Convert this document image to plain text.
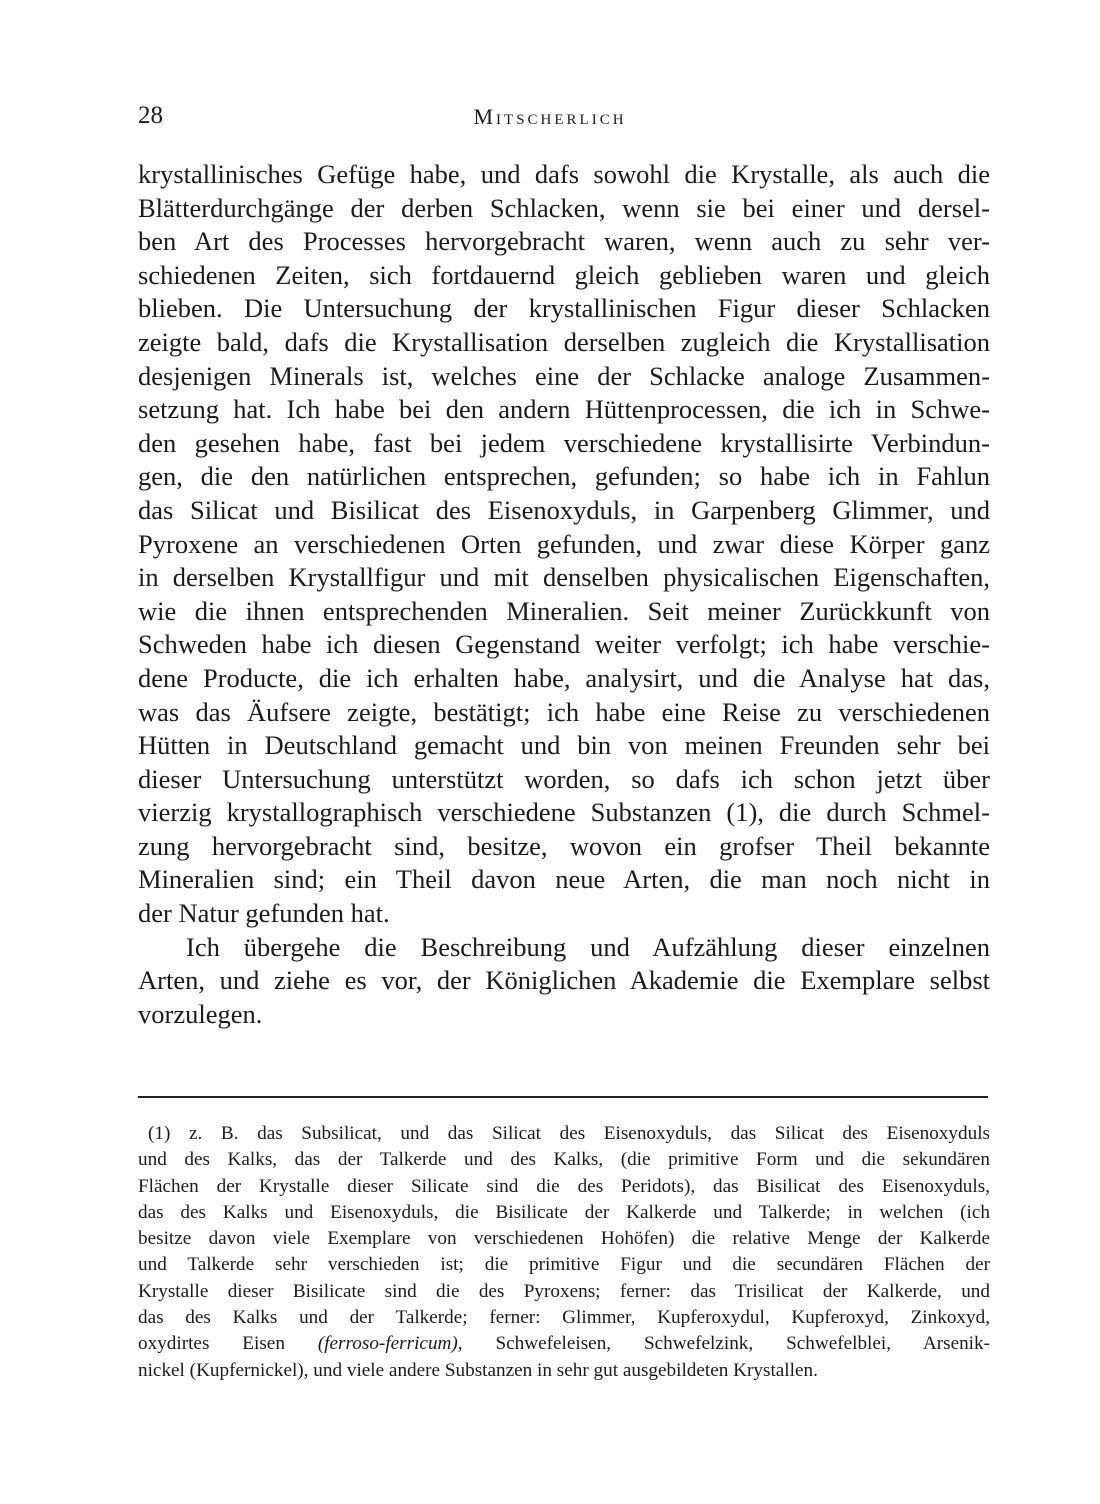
28	Mitscherlich
krystallinisches Gefüge habe, und dafs sowohl die Krystalle, als auch die
Blätterdurchgänge der derben Schlacken, wenn sie bei einer und dersel-
ben Art des Processes hervorgebracht waren, wenn auch zu sehr ver-
schiedenen Zeiten, sich fortdauernd gleich geblieben waren und gleich
blieben. Die Untersuchung der krystallinischen Figur dieser Schlacken
zeigte bald, dafs die Krystallisation derselben zugleich die Krystallisation
desjenigen Minerals ist, welches eine der Schlacke analoge Zusammen-
setzung hat. Ich habe bei den andern Hüttenprocessen, die ich in Schwe-
den gesehen habe, fast bei jedem verschiedene krystallisirte Verbindun-
gen, die den natürlichen entsprechen, gefunden; so habe ich in Fahlun
das Silicat und Bisilicat des Eisenoxyduls, in Garpenberg Glimmer, und
Pyroxene an verschiedenen Orten gefunden, und zwar diese Körper ganz
in derselben Krystallfigur und mit denselben physicalischen Eigenschaften,
wie die ihnen entsprechenden Mineralien. Seit meiner Zurückkunft von
Schweden habe ich diesen Gegenstand weiter verfolgt; ich habe verschie-
dene Producte, die ich erhalten habe, analysirt, und die Analyse hat das,
was das Äufsere zeigte, bestätigt; ich habe eine Reise zu verschiedenen
Hütten in Deutschland gemacht und bin von meinen Freunden sehr bei
dieser Untersuchung unterstützt worden, so dafs ich schon jetzt über
vierzig krystallographisch verschiedene Substanzen (1), die durch Schmel-
zung hervorgebracht sind, besitze, wovon ein grofser Theil bekannte
Mineralien sind; ein Theil davon neue Arten, die man noch nicht in
der Natur gefunden hat.
Ich übergehe die Beschreibung und Aufzählung dieser einzelnen
Arten, und ziehe es vor, der Königlichen Akademie die Exemplare selbst
vorzulegen.
(1) z. B. das Subsilicat, und das Silicat des Eisenoxyduls, das Silicat des Eisenoxyduls
und des Kalks, das der Talkerde und des Kalks, (die primitive Form und die sekundären
Flächen der Krystalle dieser Silicate sind die des Peridots), das Bisilicat des Eisenoxyduls,
das des Kalks und Eisenoxyduls, die Bisilicate der Kalkerde und Talkerde; in welchen (ich
besitze davon viele Exemplare von verschiedenen Hohöfen) die relative Menge der Kalkerde
und Talkerde sehr verschieden ist; die primitive Figur und die secundären Flächen der
Krystalle dieser Bisilicate sind die des Pyroxens; ferner: das Trisilicat der Kalkerde, und
das des Kalks und der Talkerde; ferner: Glimmer, Kupferoxydul, Kupferoxyd, Zinkoxyd,
oxydirtes Eisen (ferroso-ferricum), Schwefeleisen, Schwefelzink, Schwefelblei, Arsenik-
nickel (Kupfernickel), und viele andere Substanzen in sehr gut ausgebildeten Krystallen.
